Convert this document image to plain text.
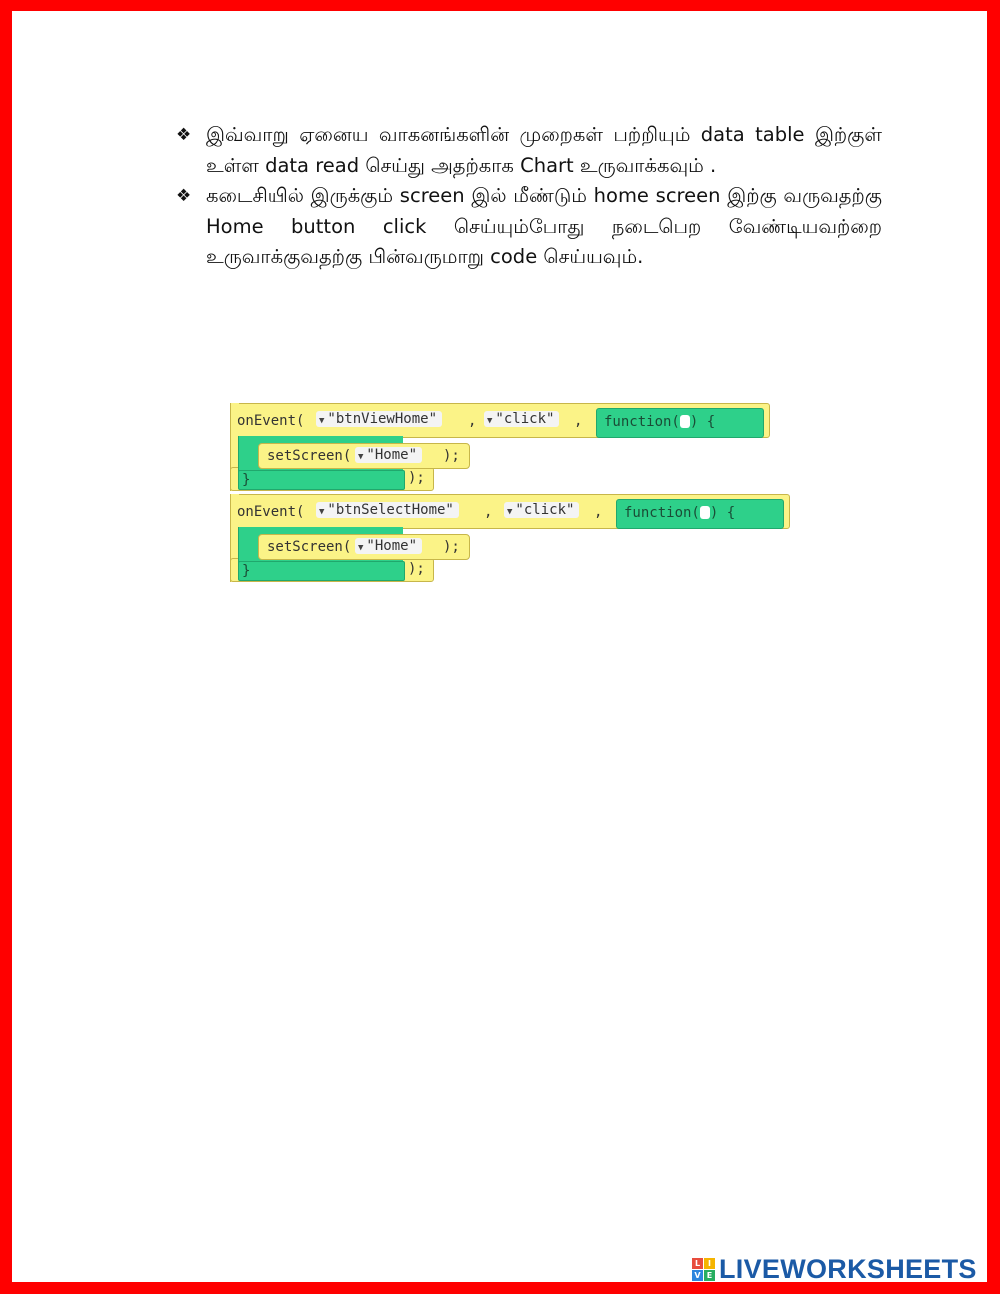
❖ இவ்வாறு ஏனைய வாகனங்களின் முறைகள் பற்றியும் data table இற்குள் உள்ள data read செய்து அதற்காக Chart உருவாக்கவும் .
❖ கடைசியில் இருக்கும் screen இல் மீண்டும் home screen இற்கு வருவதற்கு Home button click செய்யும்போது நடைபெற வேண்டியவற்றை உருவாக்குவதற்கு பின்வருமாறு code செய்யவும்.
onEvent(	▼ "btnViewHome"	,	▼ "click"	, function( ) {
}	);
setScreen( ▼ "Home"	);
onEvent(	▼ "btnSelectHome"	,	▼ "click"	, function( ) {
}	);
setScreen( ▼ "Home"	);
L I
V E LIVEWORKSHEETS
